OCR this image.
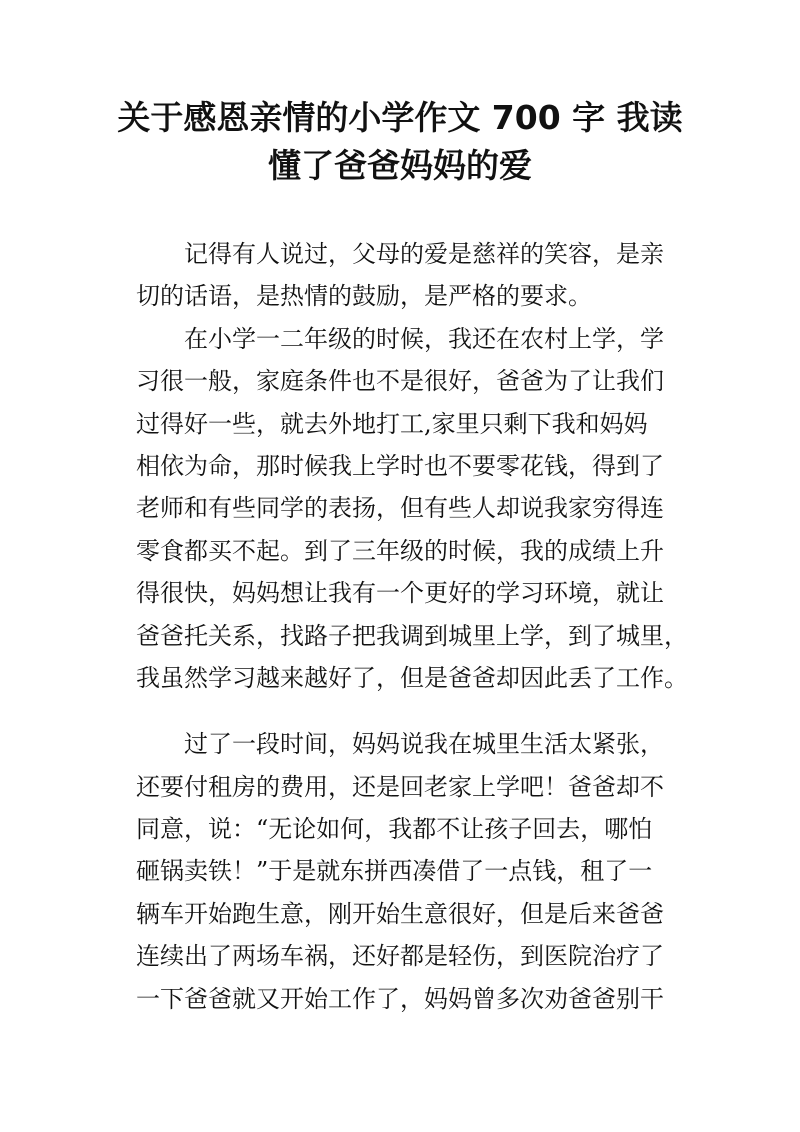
关于感恩亲情的小学作文 700 字 我读
懂了爸爸妈妈的爱
记得有人说过，父母的爱是慈祥的笑容，是亲
切的话语，是热情的鼓励，是严格的要求。
在小学一二年级的时候，我还在农村上学，学
习很一般，家庭条件也不是很好，爸爸为了让我们
过得好一些，就去外地打工,家里只剩下我和妈妈
相依为命，那时候我上学时也不要零花钱，得到了
老师和有些同学的表扬，但有些人却说我家穷得连
零食都买不起。到了三年级的时候，我的成绩上升
得很快，妈妈想让我有一个更好的学习环境，就让
爸爸托关系，找路子把我调到城里上学，到了城里，
我虽然学习越来越好了，但是爸爸却因此丢了工作。
过了一段时间，妈妈说我在城里生活太紧张，
还要付租房的费用，还是回老家上学吧！爸爸却不
同意，说：“无论如何，我都不让孩子回去，哪怕
砸锅卖铁！”于是就东拼西凑借了一点钱，租了一
辆车开始跑生意，刚开始生意很好，但是后来爸爸
连续出了两场车祸，还好都是轻伤，到医院治疗了
一下爸爸就又开始工作了，妈妈曾多次劝爸爸别干
